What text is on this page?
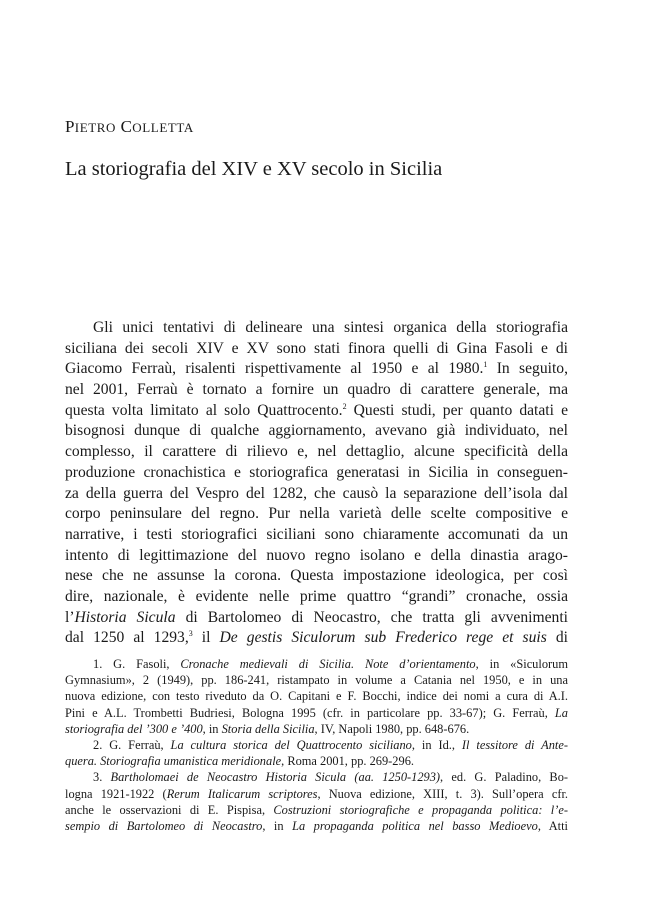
PIETRO COLLETTA
La storiografia del XIV e XV secolo in Sicilia
Gli unici tentativi di delineare una sintesi organica della storiografia
siciliana dei secoli XIV e XV sono stati finora quelli di Gina Fasoli e di
Giacomo Ferraù, risalenti rispettivamente al 1950 e al 1980.$^1$ In seguito,
nel 2001, Ferraù è tornato a fornire un quadro di carattere generale, ma
questa volta limitato al solo Quattrocento.$^2$ Questi studi, per quanto datati e
bisognosi dunque di qualche aggiornamento, avevano già individuato, nel
complesso, il carattere di rilievo e, nel dettaglio, alcune specificità della
produzione cronachistica e storiografica generatasi in Sicilia in conseguen-
za della guerra del Vespro del 1282, che causò la separazione dell’isola dal
corpo peninsulare del regno. Pur nella varietà delle scelte compositive e
narrative, i testi storiografici siciliani sono chiaramente accomunati da un
intento di legittimazione del nuovo regno isolano e della dinastia arago-
nese che ne assunse la corona. Questa impostazione ideologica, per così
dire, nazionale, è evidente nelle prime quattro “grandi” cronache, ossia
l’Historia Sicula di Bartolomeo di Neocastro, che tratta gli avvenimenti
dal 1250 al 1293,$^3$ il De gestis Siculorum sub Frederico rege et suis di
1. G. Fasoli, Cronache medievali di Sicilia. Note d’orientamento, in «Siculorum
Gymnasium», 2 (1949), pp. 186-241, ristampato in volume a Catania nel 1950, e in una
nuova edizione, con testo riveduto da O. Capitani e F. Bocchi, indice dei nomi a cura di A.I.
Pini e A.L. Trombetti Budriesi, Bologna 1995 (cfr. in particolare pp. 33-67); G. Ferraù, La
storiografia del ’300 e ’400, in Storia della Sicilia, IV, Napoli 1980, pp. 648-676.
2. G. Ferraù, La cultura storica del Quattrocento siciliano, in Id., Il tessitore di Ante-
quera. Storiografia umanistica meridionale, Roma 2001, pp. 269-296.
3. Bartholomaei de Neocastro Historia Sicula (aa. 1250-1293), ed. G. Paladino, Bo-
logna 1921-1922 (Rerum Italicarum scriptores, Nuova edizione, XIII, t. 3). Sull’opera cfr.
anche le osservazioni di E. Pispisa, Costruzioni storiografiche e propaganda politica: l’e-
sempio di Bartolomeo di Neocastro, in La propaganda politica nel basso Medioevo, Atti
